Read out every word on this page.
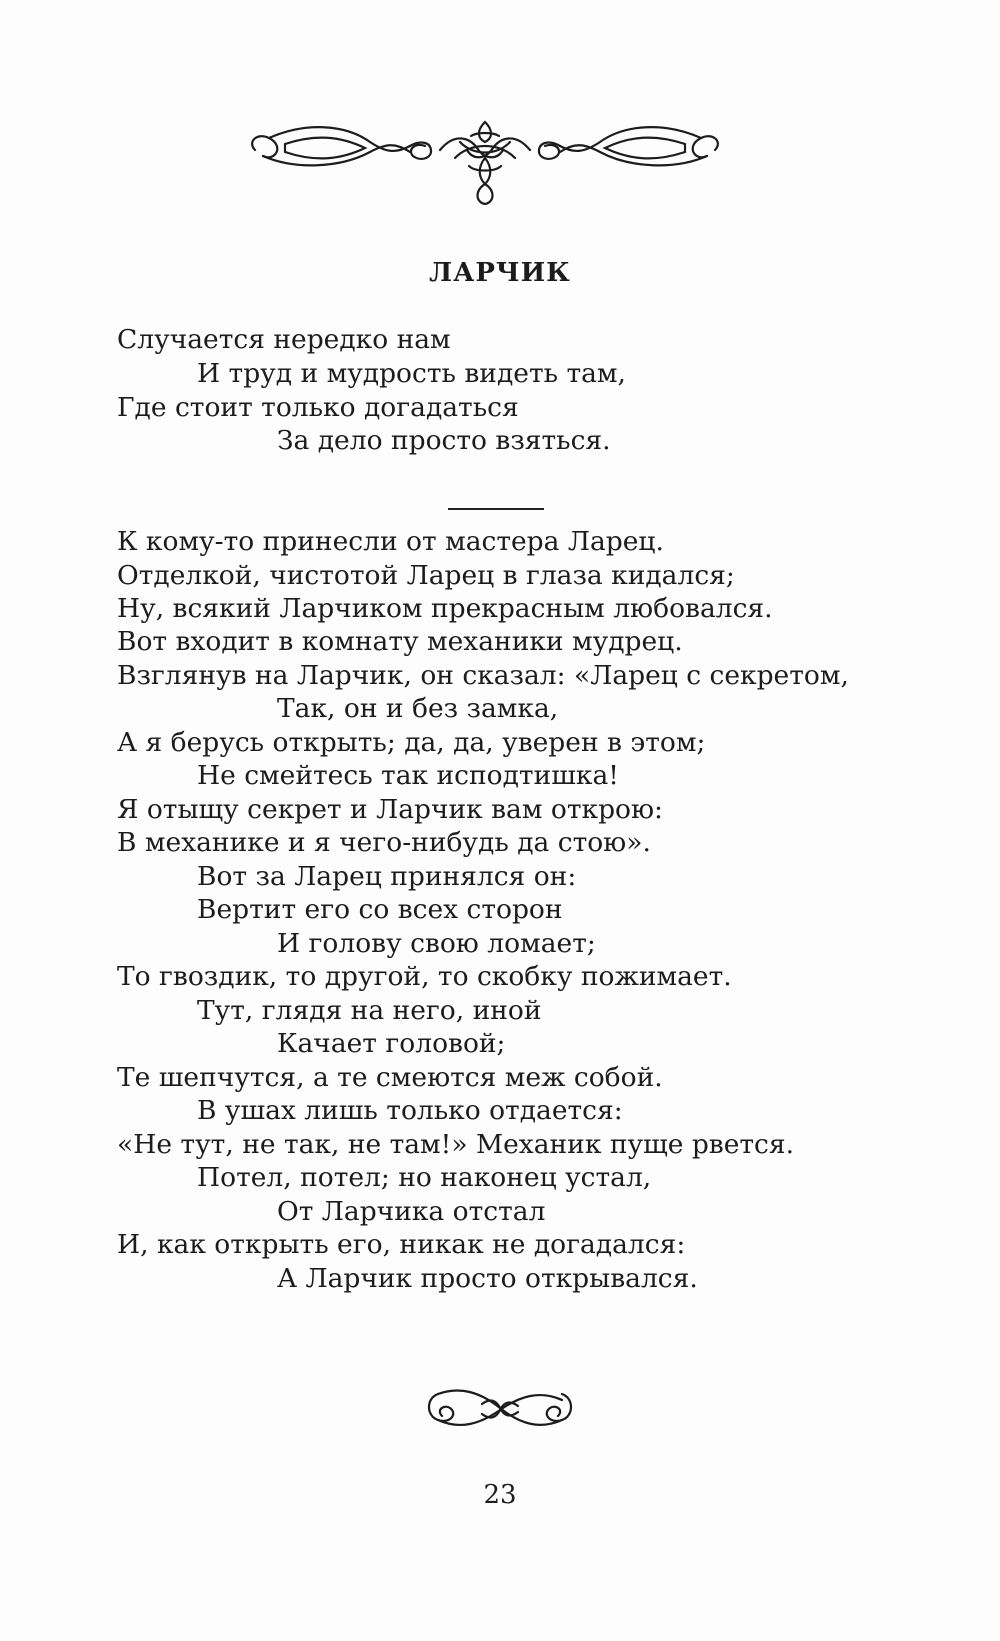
ЛАРЧИК
Случается нередко нам
И труд и мудрость видеть там,
Где стоит только догадаться
За дело просто взяться.
К кому-то принесли от мастера Ларец.
Отделкой, чистотой Ларец в глаза кидался;
Ну, всякий Ларчиком прекрасным любовался.
Вот входит в комнату механики мудрец.
Взглянув на Ларчик, он сказал: «Ларец с секретом,
Так, он и без замка,
А я берусь открыть; да, да, уверен в этом;
Не смейтесь так исподтишка!
Я отыщу секрет и Ларчик вам открою:
В механике и я чего-нибудь да стою».
Вот за Ларец принялся он:
Вертит его со всех сторон
И голову свою ломает;
То гвоздик, то другой, то скобку пожимает.
Тут, глядя на него, иной
Качает головой;
Те шепчутся, а те смеются меж собой.
В ушах лишь только отдается:
«Не тут, не так, не там!» Механик пуще рвется.
Потел, потел; но наконец устал,
От Ларчика отстал
И, как открыть его, никак не догадался:
А Ларчик просто открывался.
23
